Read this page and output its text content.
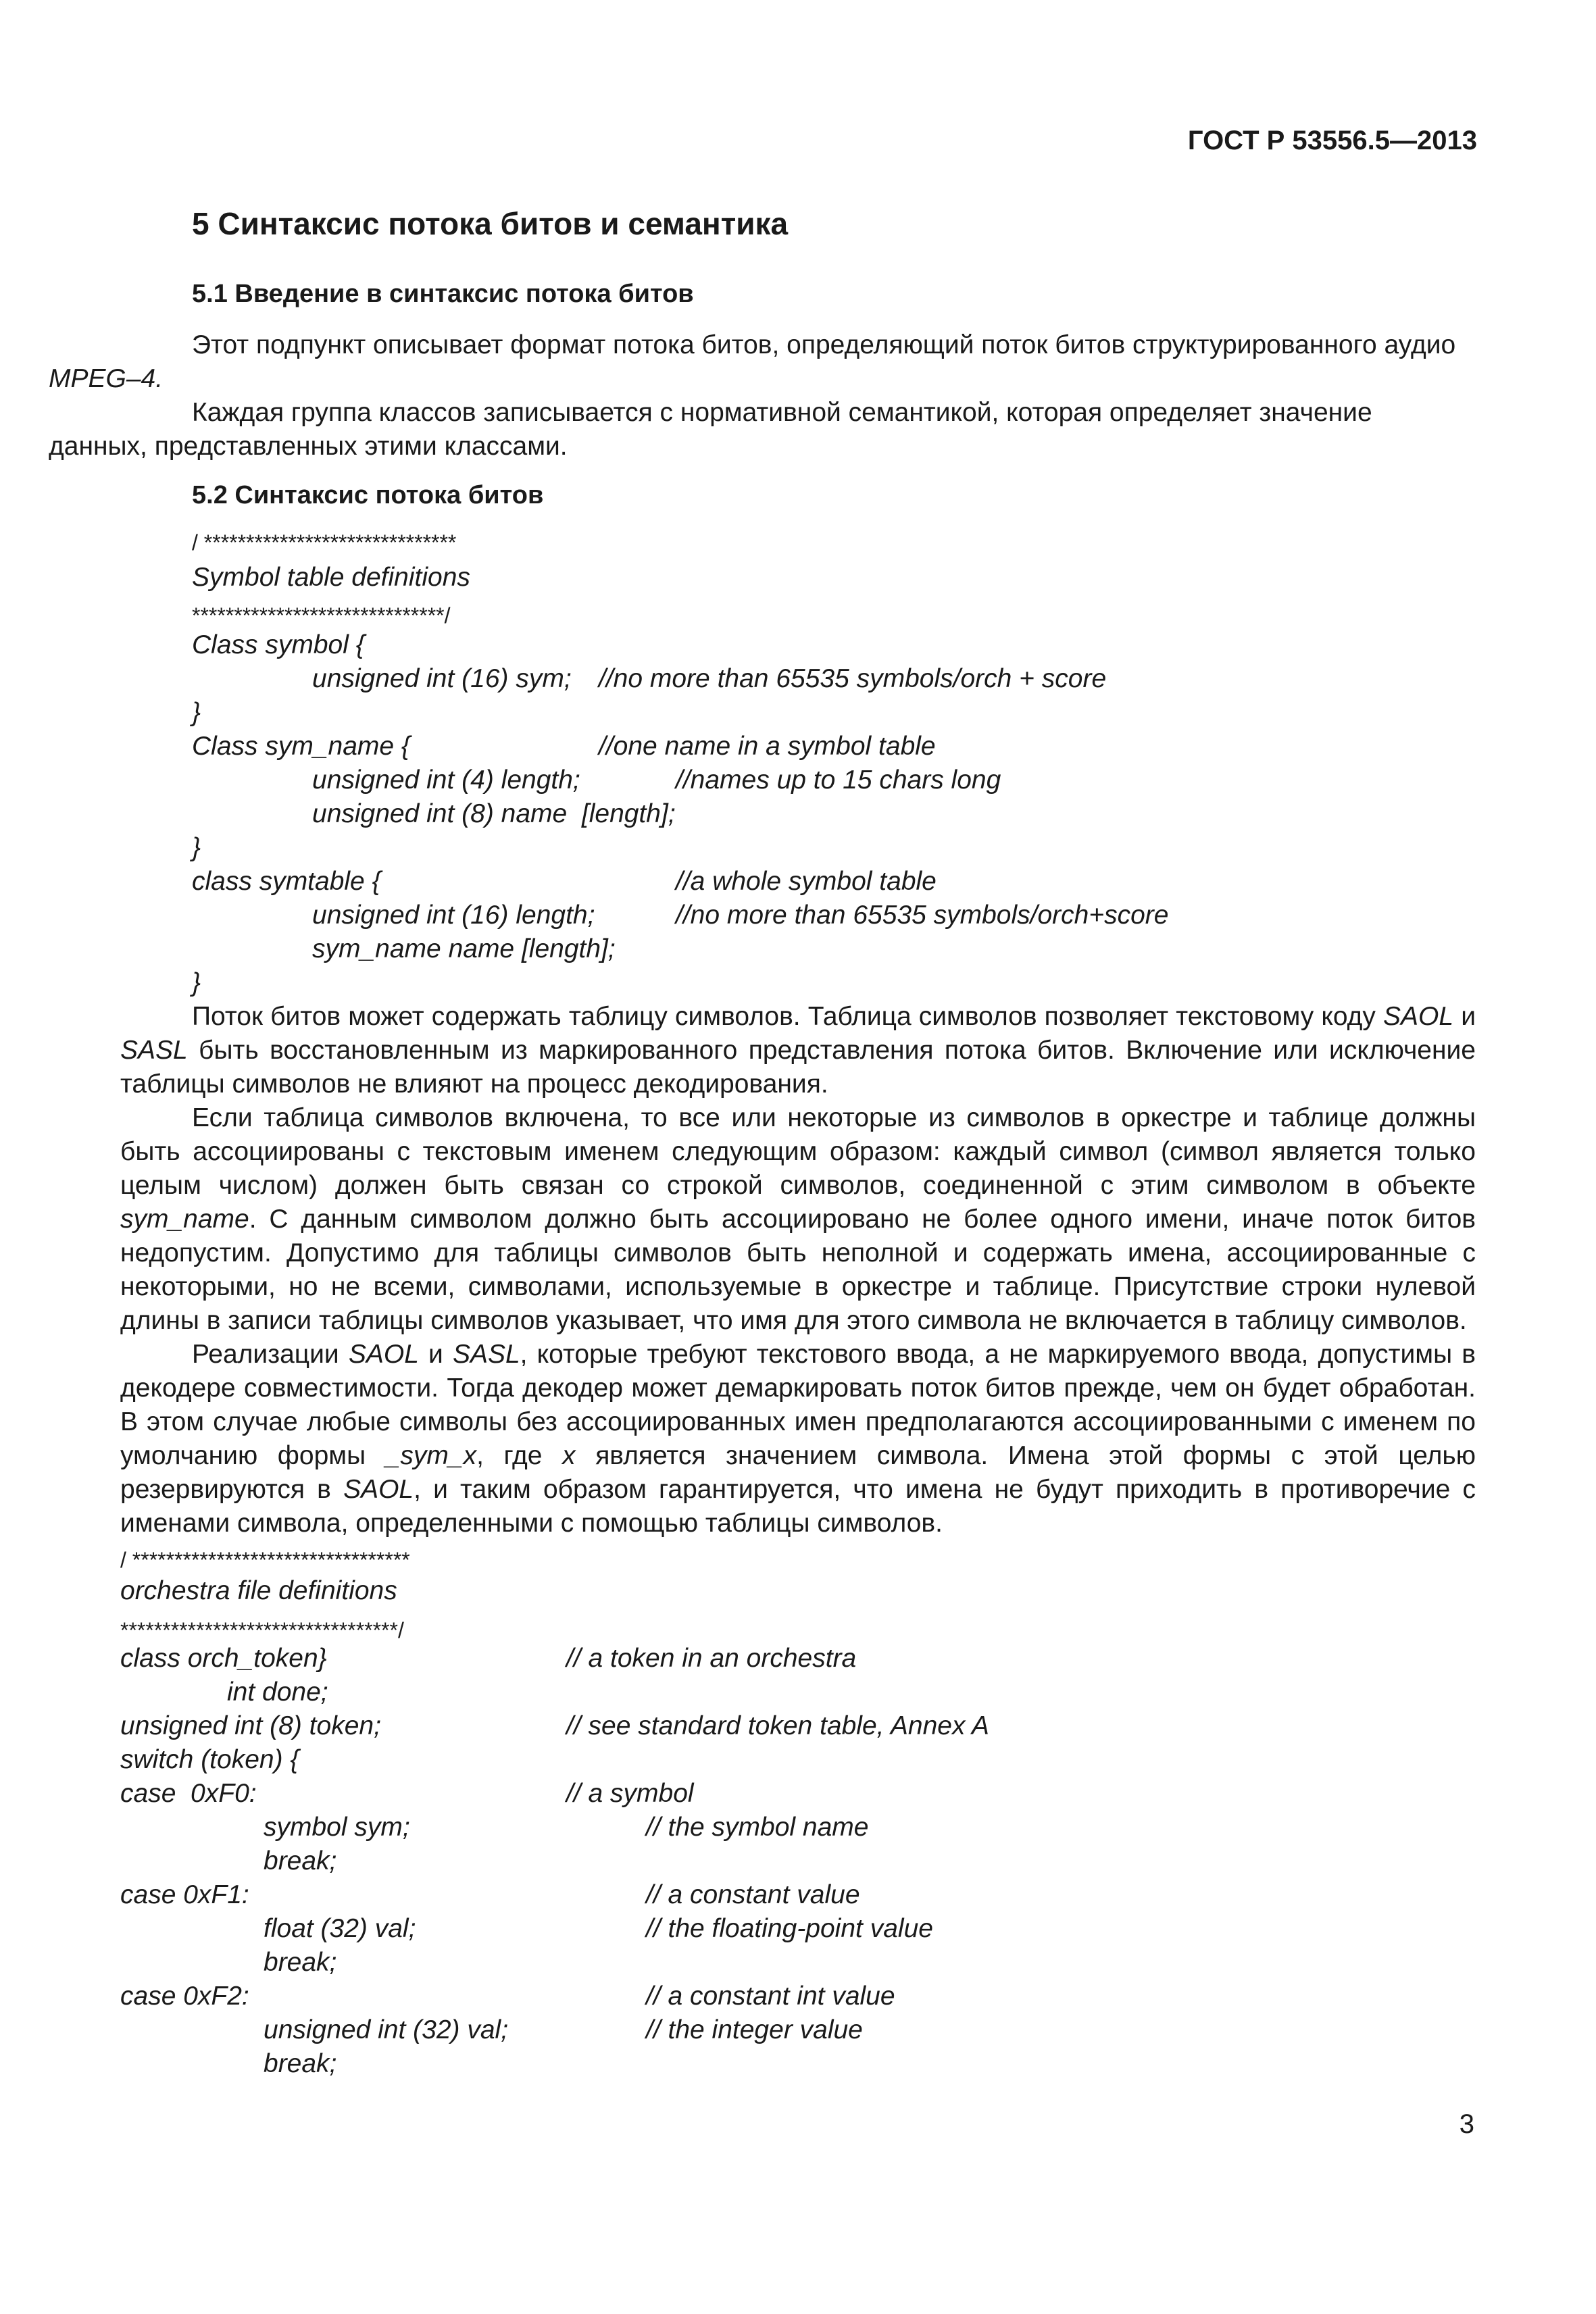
ГОСТ Р 53556.5—2013
5 Синтаксис потока битов и семантика
5.1 Введение в синтаксис потока битов

Этот подпункт описывает формат потока битов, определяющий поток битов структурированного аудио
MPEG–4.

Каждая группа классов записывается с нормативной семантикой, которая определяет значение
данных, представленных этими классами.

5.2 Синтаксис потока битов
/ ******************************
Symbol table definitions
******************************/
Class symbol {
unsigned int (16) sym; //no more than 65535 symbols/orch + score
}
Class sym_name {	//one name in a symbol table
unsigned int (4) length;	//names up to 15 chars long
unsigned int (8) name  [length];
}
class symtable {	//a whole symbol table
unsigned int (16) length;	//no more than 65535 symbols/orch+score
sym_name name [length];
}

Поток битов может содержать таблицу символов. Таблица символов позволяет текстовому коду SAOL и SASL быть восстановленным из маркированного представления потока битов. Включение или исключение таблицы символов не влияют на процесс декодирования.

Если таблица символов включена, то все или некоторые из символов в оркестре и таблице должны быть ассоциированы с текстовым именем следующим образом: каждый символ (символ является только целым числом) должен быть связан со строкой символов, соединенной с этим символом в объекте sym_name. С данным символом должно быть ассоциировано не более одного имени, иначе поток битов недопустим. Допустимо для таблицы символов быть неполной и содержать имена, ассоциированные с некоторыми, но не всеми, символами, используемые в оркестре и таблице. Присутствие строки нулевой длины в записи таблицы символов указывает, что имя для этого символа не включается в таблицу символов.

Реализации SAOL и SASL, которые требуют текстового ввода, а не маркируемого ввода, допустимы в декодере совместимости. Тогда декодер может демаркировать поток битов прежде, чем он будет обработан. В этом случае любые символы без ассоциированных имен предполагаются ассоциированными с именем по умолчанию формы _sym_x, где x является значением символа. Имена этой формы с этой целью резервируются в SAOL, и таким образом гарантируется, что имена не будут приходить в противоречие с именами символа, определенными с помощью таблицы символов.

/ *********************************
orchestra file definitions
*********************************/
class orch_token}	// a token in an orchestra
int done;
unsigned int (8) token;	// see standard token table, Annex A
switch (token) {
case  0xF0:	// a symbol
symbol sym;	// the symbol name
break;
case 0xF1:	// a constant value
float (32) val;	// the floating-point value
break;
case 0xF2:	// a constant int value
unsigned int (32) val;	// the integer value
break;
3
